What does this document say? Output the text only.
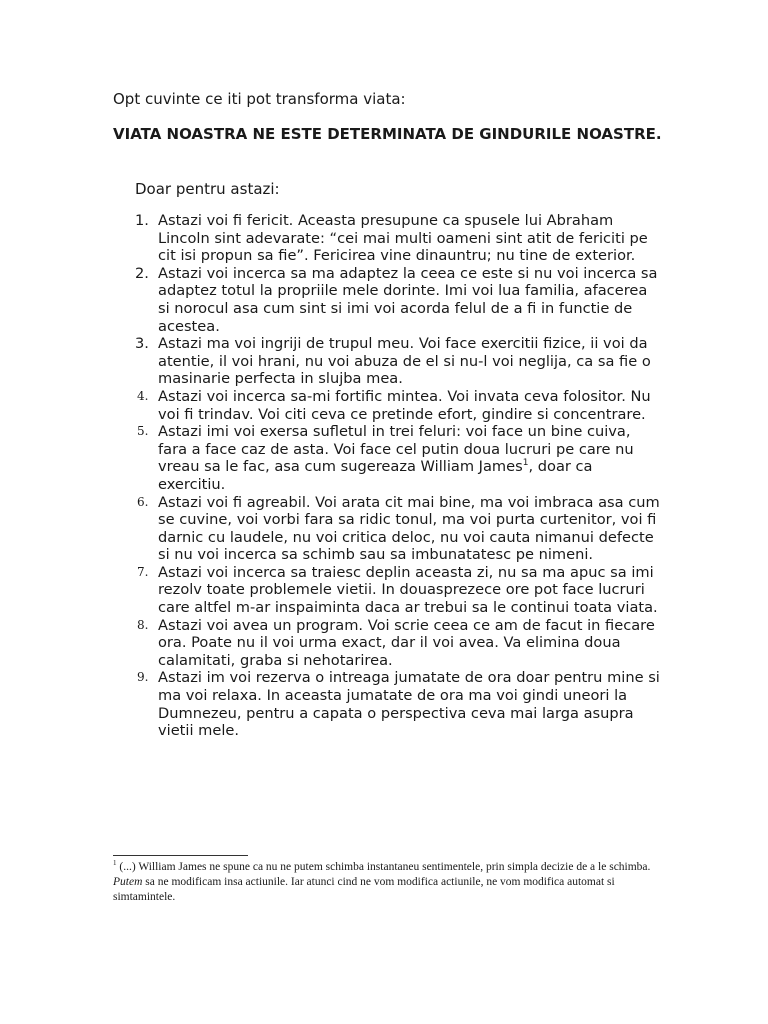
Opt cuvinte ce iti pot transforma viata:

VIATA NOASTRA NE ESTE DETERMINATA DE GINDURILE NOASTRE.

Doar pentru astazi:

1. Astazi voi fi fericit. Aceasta presupune ca spusele lui Abraham Lincoln sint adevarate: “cei mai multi oameni sint atit de fericiti pe cit isi propun sa fie”. Fericirea vine dinauntru; nu tine de exterior.
2. Astazi voi incerca sa ma adaptez la ceea ce este si nu voi incerca sa adaptez totul la propriile mele dorinte. Imi voi lua familia, afacerea si norocul asa cum sint si imi voi acorda felul de a fi in functie de acestea.
3. Astazi ma voi ingriji de trupul meu. Voi face exercitii fizice, ii voi da atentie, il voi hrani, nu voi abuza de el si nu-l voi neglija, ca sa fie o masinarie perfecta in slujba mea.
4. Astazi voi incerca sa-mi fortific mintea. Voi invata ceva folositor. Nu voi fi trindav. Voi citi ceva ce pretinde efort, gindire si concentrare.
5. Astazi imi voi exersa sufletul in trei feluri: voi face un bine cuiva, fara a face caz de asta. Voi face cel putin doua lucruri pe care nu vreau sa le fac, asa cum sugereaza William James$^1$, doar ca exercitiu.
6. Astazi voi fi agreabil. Voi arata cit mai bine, ma voi imbraca asa cum se cuvine, voi vorbi fara sa ridic tonul, ma voi purta curtenitor, voi fi darnic cu laudele, nu voi critica deloc, nu voi cauta nimanui defecte si nu voi incerca sa schimb sau sa imbunatatesc pe nimeni.
7. Astazi voi incerca sa traiesc deplin aceasta zi, nu sa ma apuc sa imi rezolv toate problemele vietii. In douasprezece ore pot face lucruri care altfel m-ar inspaiminta daca ar trebui sa le continui toata viata.
8. Astazi voi avea un program. Voi scrie ceea ce am de facut in fiecare ora. Poate nu il voi urma exact, dar il voi avea. Va elimina doua calamitati, graba si nehotarirea.
9. Astazi im voi rezerva o intreaga jumatate de ora doar pentru mine si ma voi relaxa. In aceasta jumatate de ora ma voi gindi uneori la Dumnezeu, pentru a capata o perspectiva ceva mai larga asupra vietii mele.

$^1$ (...) William James ne spune ca nu ne putem schimba instantaneu sentimentele, prin simpla decizie de a le schimba. Putem sa ne modificam insa actiunile. Iar atunci cind ne vom modifica actiunile, ne vom modifica automat si simtamintele.
